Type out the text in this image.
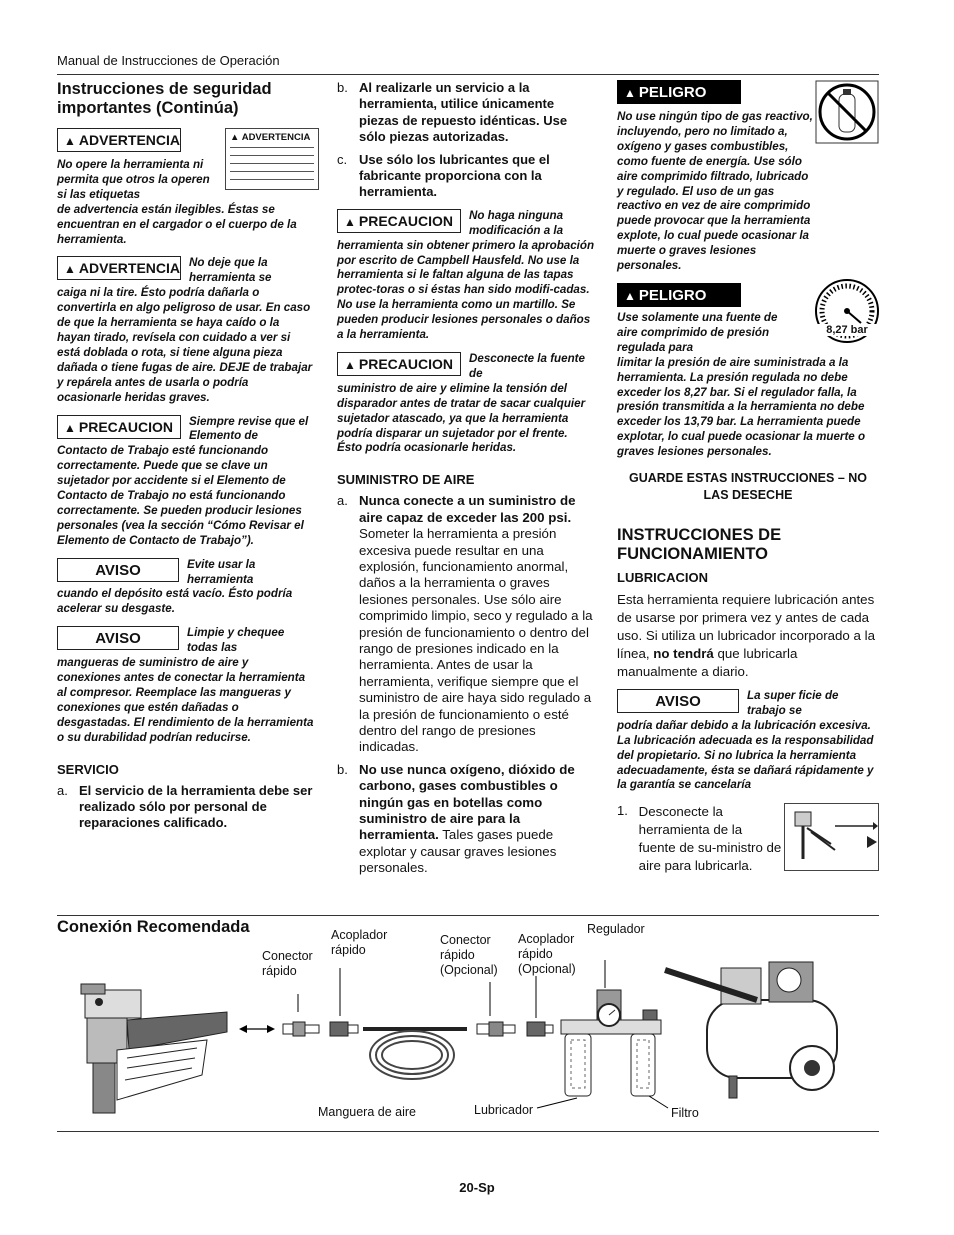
Manual de Instrucciones de Operación
Instrucciones de seguridad importantes (Continúa)
▲ ADVERTENCIA
No opere la herramienta ni permita que otros la operen si las etiquetas
▲ ADVERTENCIA
de advertencia están ilegibles. Éstas se encuentran en el cargador o el cuerpo de la herramienta.
▲ ADVERTENCIA No deje que la herramienta se
caiga ni la tire. Ésto podría dañarla o convertirla en algo peligroso de usar. En caso de que la herramienta se haya caído o la hayan tirado, revísela con cuidado a ver si está doblada o rota, si tiene alguna pieza dañada o tiene fugas de aire. DEJE de trabajar y repárela antes de usarla o podría ocasionarle heridas graves.
▲ PRECAUCION	Siempre revise que el Elemento de
Contacto de Trabajo esté funcionando correctamente. Puede que se clave un sujetador por accidente si el Elemento de Contacto de Trabajo no está funcionando correctamente. Se pueden producir lesiones personales (vea la sección “Cómo Revisar el Elemento de Contacto de Trabajo”).
AVISO	Evite usar la herramienta
cuando el depósito está vacío. Ésto podría acelerar su desgaste.
AVISO	Limpie y chequee todas las
mangueras de suministro de aire y conexiones antes de conectar la herramienta al compresor. Reemplace las mangueras y conexiones que estén dañadas o desgastadas. El rendimiento de la herramienta o su durabilidad podrían reducirse.
SERVICIO
a. El servicio de la herramienta debe ser realizado sólo por personal de reparaciones calificado.
b. Al realizarle un servicio a la herramienta, utilice únicamente piezas de repuesto idénticas. Use sólo piezas autorizadas.
c. Use sólo los lubricantes que el fabricante proporciona con la herramienta.
▲ PRECAUCION	No haga ninguna modificación a la
herramienta sin obtener primero la aprobación por escrito de Campbell Hausfeld. No use la herramienta si le faltan alguna de las tapas protec-toras o si éstas han sido modifi-cadas. No use la herramienta como un martillo. Se pueden producir lesiones personales o daños a la herramienta.
▲ PRECAUCION	Desconecte la fuente de
suministro de aire y elimine la tensión del disparador antes de tratar de sacar cualquier sujetador atascado, ya que la herramienta podría disparar un sujetador por el frente. Ésto podría ocasionarle heridas.
SUMINISTRO DE AIRE
a. Nunca conecte a un suministro de aire capaz de exceder las 200 psi. Someter la herramienta a presión excesiva puede resultar en una explosión, funcionamiento anormal, daños a la herramienta o graves lesiones personales. Use sólo aire comprimido limpio, seco y regulado a la presión de funcionamiento o dentro del rango de presiones indicado en la herramienta. Antes de usar la herramienta, verifique siempre que el suministro de aire haya sido regulado a la presión de funcionamiento o esté dentro del rango de presiones indicadas.
b. No use nunca oxígeno, dióxido de carbono, gases combustibles o ningún gas en botellas como suministro de aire para la herramienta. Tales gases puede explotar y causar graves lesiones personales.
▲ PELIGRO
No use ningún tipo de gas reactivo, incluyendo, pero no limitado a, oxígeno y gases combustibles, como fuente de energía. Use sólo aire comprimido filtrado, lubricado y regulado. El uso de un gas reactivo en vez de aire comprimido puede provocar que la herramienta explote, lo cual puede ocasionar la muerte o graves lesiones personales.
▲ PELIGRO
8,27 bar
Use solamente una fuente de aire comprimido de presión regulada para
limitar la presión de aire suministrada a la herramienta. La presión regulada no debe exceder los 8,27 bar. Si el regulador falla, la presión transmitida a la herramienta no debe exceder los 13,79 bar. La herramienta puede explotar, lo cual puede ocasionar la muerte o graves lesiones personales.
GUARDE ESTAS INSTRUCCIONES – NO LAS DESECHE
INSTRUCCIONES DE FUNCIONAMIENTO
LUBRICACION
Esta herramienta requiere lubricación antes de usarse por primera vez y antes de cada uso. Si utiliza un lubricador incorporado a la línea, no tendrá que lubricarla manualmente a diario.
AVISO	La super ficie de trabajo se
podría dañar debido a la lubricación excesiva. La lubricación adecuada es la responsabilidad del propietario. Si no lubrica la herramienta adecuadamente, ésta se dañará rápidamente y la garantía se cancelaría
1. Desconecte la herramienta de la fuente de su-ministro de aire para lubricarla.
Conexión Recomendada
Conector rápido
Acoplador rápido
Conector rápido (Opcional)
Acoplador rápido (Opcional)
Regulador
Manguera de aire	Lubricador	Filtro
20-Sp
